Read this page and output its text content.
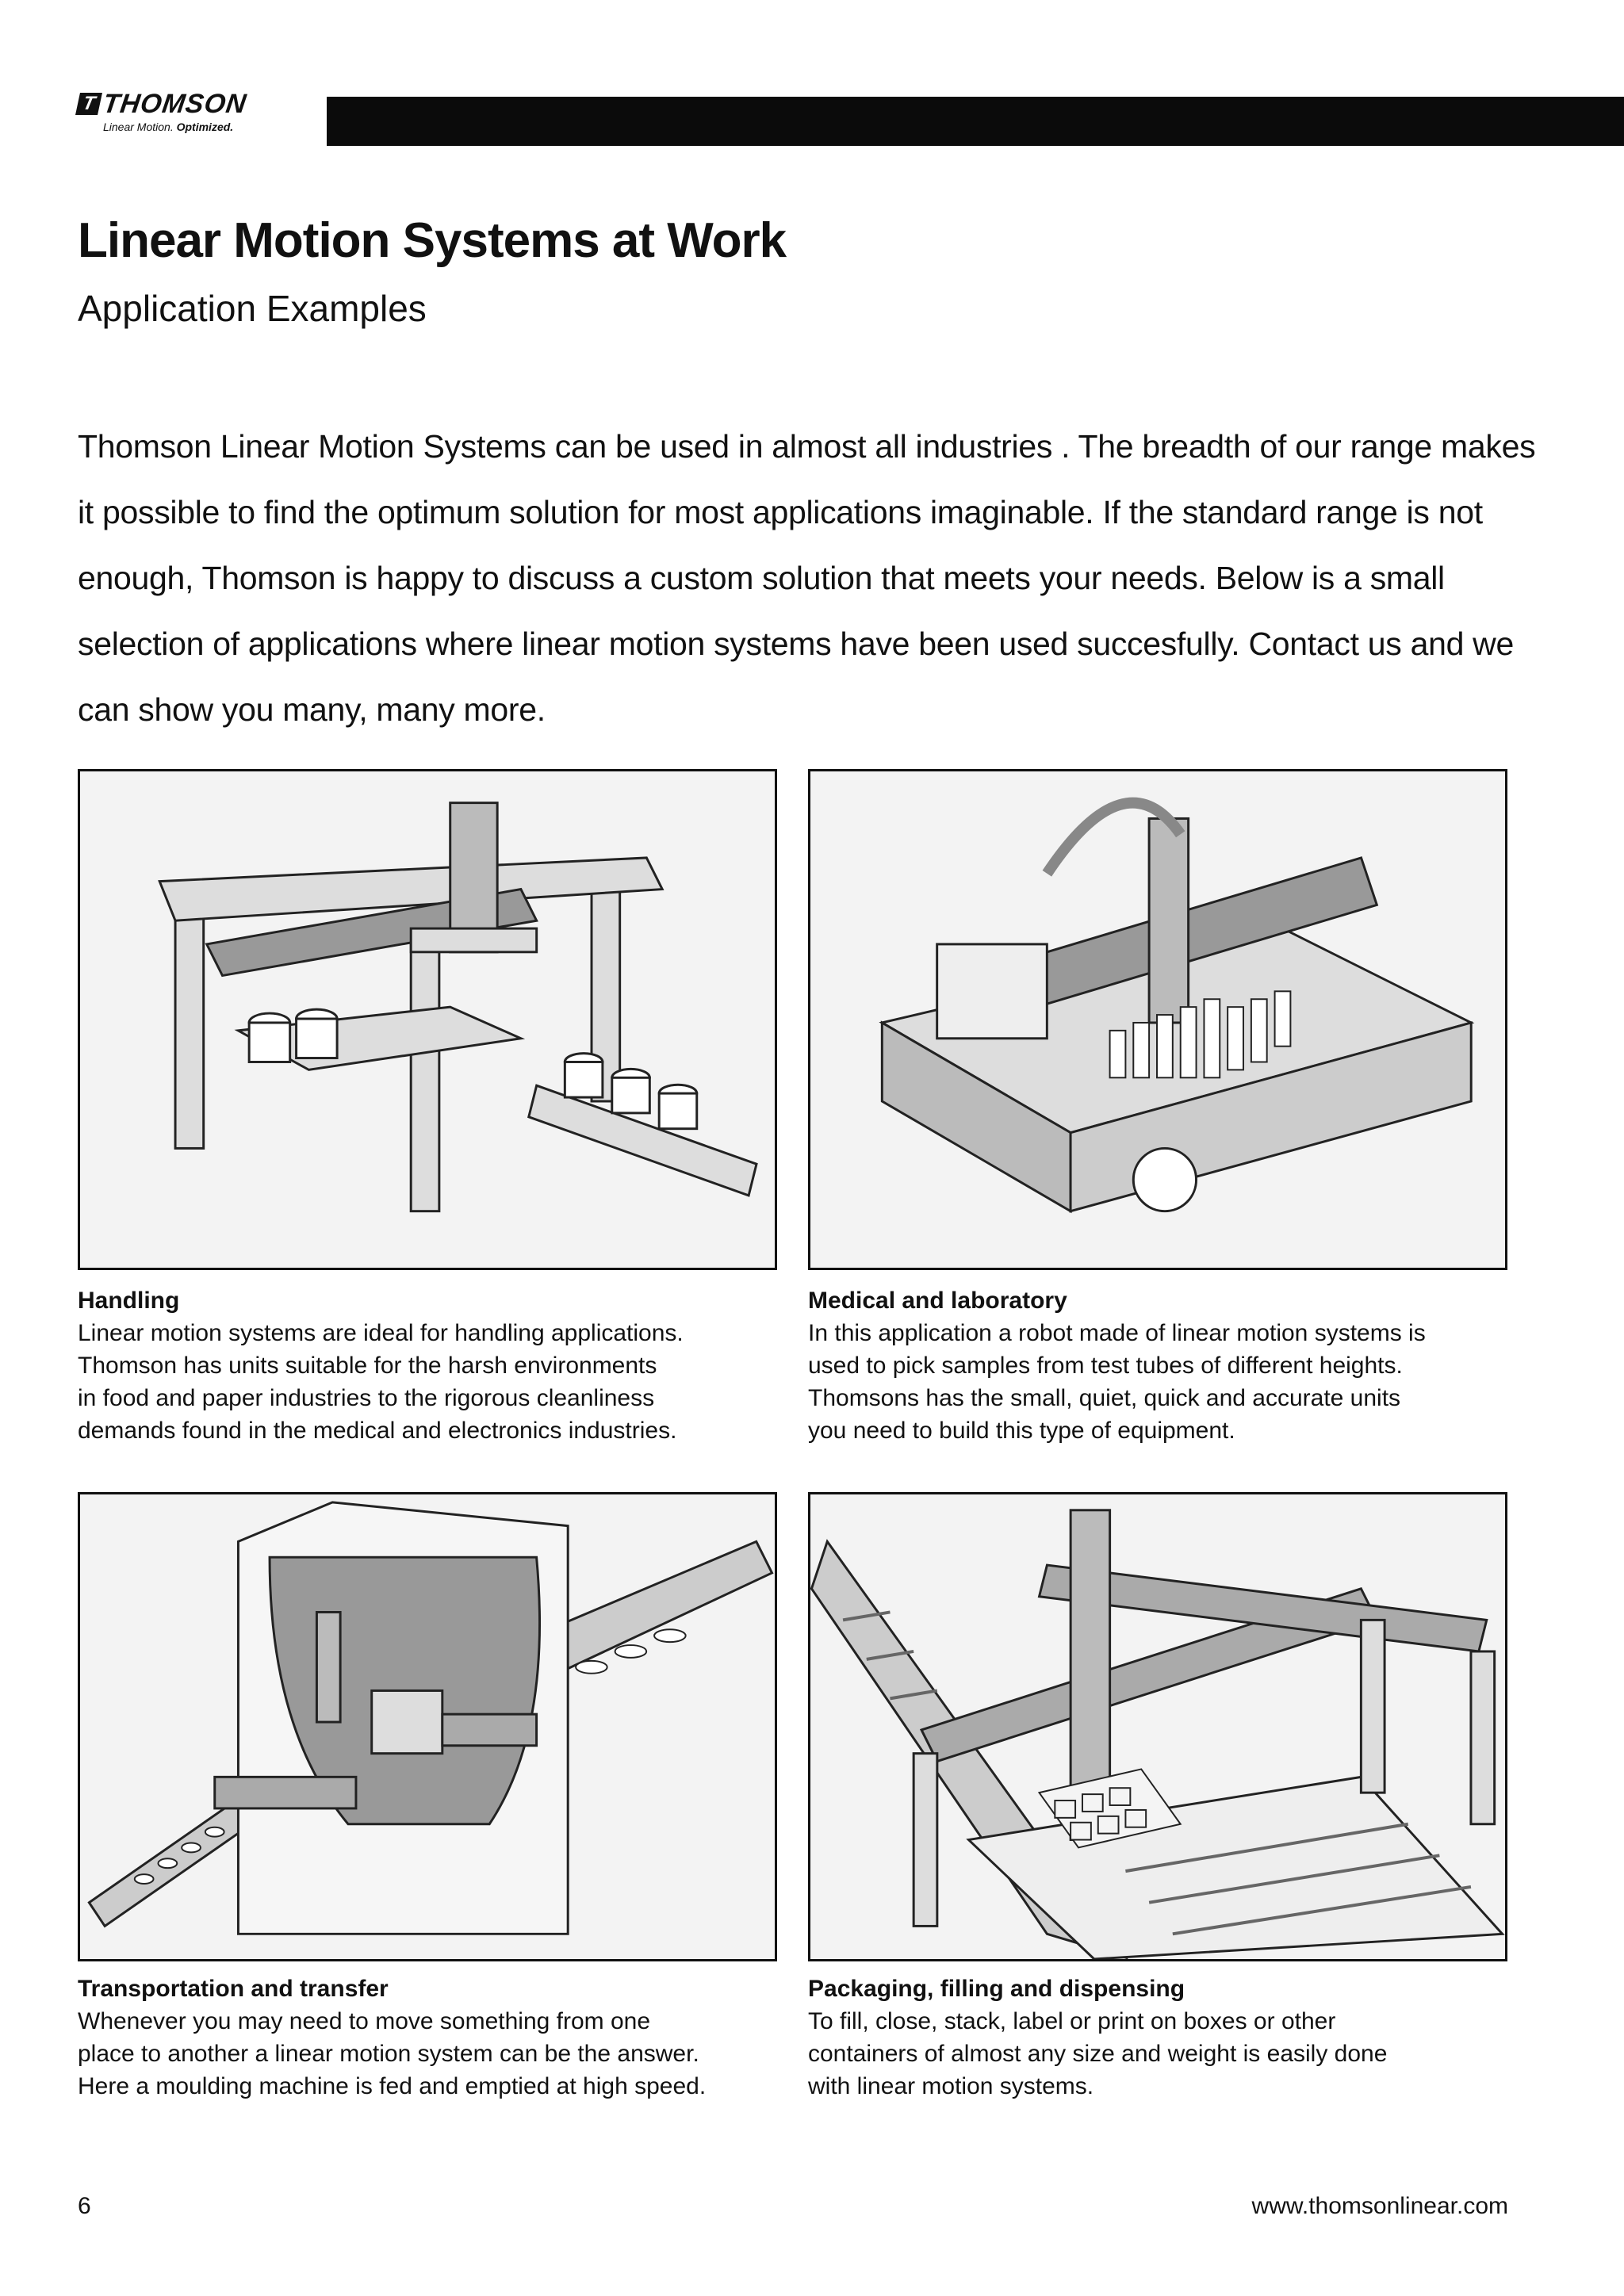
T THOMSON
Linear Motion. Optimized.
Linear Motion Systems at Work
Application Examples

Thomson Linear Motion Systems can be used in almost all industries . The breadth of our range makes it possible to find the optimum solution for most applications imaginable. If the standard range is not enough, Thomson is happy to discuss a custom solution that meets your needs. Below is a small selection of applications where linear motion systems have been used succesfully. Contact us and we can show you many, many more.

Handling
Linear motion systems are ideal for handling applications.
Thomson has units suitable for the harsh environments
in food and paper industries to the rigorous cleanliness
demands found in the medical and electronics industries.
Medical and laboratory
In this application a robot made of linear motion systems is
used to pick samples from test tubes of different heights.
Thomsons has the small, quiet, quick and accurate units
you need to build this type of equipment.
Transportation and transfer
Whenever you may need to move something from one
place to another a linear motion system can be the answer.
Here a moulding machine is fed and emptied at high speed.
Packaging, filling and dispensing
To fill, close, stack, label or print on boxes or other
containers of almost any size and weight is easily done
with linear motion systems.
6	www.thomsonlinear.com
